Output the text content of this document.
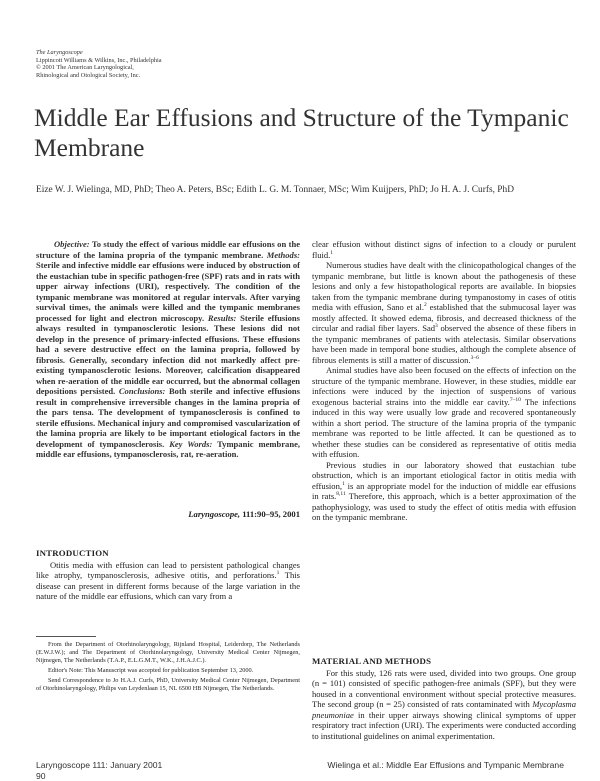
The Laryngoscope
Lippincott Williams & Wilkins, Inc., Philadelphia
© 2001 The American Laryngological,
Rhinological and Otological Society, Inc.
Middle Ear Effusions and Structure of the Tympanic Membrane
Eize W. J. Wielinga, MD, PhD; Theo A. Peters, BSc; Edith L. G. M. Tonnaer, MSc; Wim Kuijpers, PhD; Jo H. A. J. Curfs, PhD

Objective: To study the effect of various middle ear effusions on the structure of the lamina propria of the tympanic membrane. Methods: Sterile and infective middle ear effusions were induced by obstruction of the eustachian tube in specific pathogen-free (SPF) rats and in rats with upper airway infections (URI), respectively. The condition of the tympanic membrane was monitored at regular intervals. After varying survival times, the animals were killed and the tympanic membranes processed for light and electron microscopy. Results: Sterile effusions always resulted in tympanosclerotic lesions. These lesions did not develop in the presence of primary-infected effusions. These effusions had a severe destructive effect on the lamina propria, followed by fibrosis. Generally, secondary infection did not markedly affect pre-existing tympanosclerotic lesions. Moreover, calcification disappeared when re-aeration of the middle ear occurred, but the abnormal collagen depositions persisted. Conclusions: Both sterile and infective effusions result in comprehensive irreversible changes in the lamina propria of the pars tensa. The development of tympanosclerosis is confined to sterile effusions. Mechanical injury and compromised vascularization of the lamina propria are likely to be important etiological factors in the development of tympanosclerosis. Key Words: Tympanic membrane, middle ear effusions, tympanosclerosis, rat, re-aeration.

Laryngoscope, 111:90–95, 2001
INTRODUCTION

Otitis media with effusion can lead to persistent pathological changes like atrophy, tympanosclerosis, adhesive otitis, and perforations.$^1$ This disease can present in different forms because of the large variation in the nature of the middle ear effusions, which can vary from a

From the Department of Otorhinolaryngology, Rijnland Hospital, Leiderdorp, The Netherlands (E.W.J.W.); and The Department of Otorhinolaryngology, University Medical Center Nijmegen, Nijmegen, The Netherlands (T.A.P., E.L.G.M.T., W.K., J.H.A.J.C.).

Editor's Note: This Manuscript was accepted for publication September 13, 2000.

Send Correspondence to Jo H.A.J. Curfs, PhD, University Medical Center Nijmegen, Department of Otorhinolaryngology, Philips van Leydenlaan 15, NL 6500 HB Nijmegen, The Netherlands.

clear effusion without distinct signs of infection to a cloudy or purulent fluid.$^1$

Numerous studies have dealt with the clinicopathological changes of the tympanic membrane, but little is known about the pathogenesis of these lesions and only a few histopathological reports are available. In biopsies taken from the tympanic membrane during tympanostomy in cases of otitis media with effusion, Sano et al.$^2$ established that the submucosal layer was mostly affected. It showed edema, fibrosis, and decreased thickness of the circular and radial fiber layers. Sad$^3$ observed the absence of these fibers in the tympanic membranes of patients with atelectasis. Similar observations have been made in temporal bone studies, although the complete absence of fibrous elements is still a matter of discussion.$^{3-6}$

Animal studies have also been focused on the effects of infection on the structure of the tympanic membrane. However, in these studies, middle ear infections were induced by the injection of suspensions of various exogenous bacterial strains into the middle ear cavity.$^{7-10}$ The infections induced in this way were usually low grade and recovered spontaneously within a short period. The structure of the lamina propria of the tympanic membrane was reported to be little affected. It can be questioned as to whether these studies can be considered as representative of otitis media with effusion.

Previous studies in our laboratory showed that eustachian tube obstruction, which is an important etiological factor in otitis media with effusion,$^1$ is an appropriate model for the induction of middle ear effusions in rats.$^{8,11}$ Therefore, this approach, which is a better approximation of the pathophysiology, was used to study the effect of otitis media with effusion on the tympanic membrane.

MATERIAL AND METHODS

For this study, 126 rats were used, divided into two groups. One group (n = 101) consisted of specific pathogen-free animals (SPF), but they were housed in a conventional environment without special protective measures. The second group (n = 25) consisted of rats contaminated with Mycoplasma pneumoniae in their upper airways showing clinical symptoms of upper respiratory tract infection (URI). The experiments were conducted according to institutional guidelines on animal experimentation.

Laryngoscope 111: January 2001	Wielinga et al.: Middle Ear Effusions and Tympanic Membrane
90
